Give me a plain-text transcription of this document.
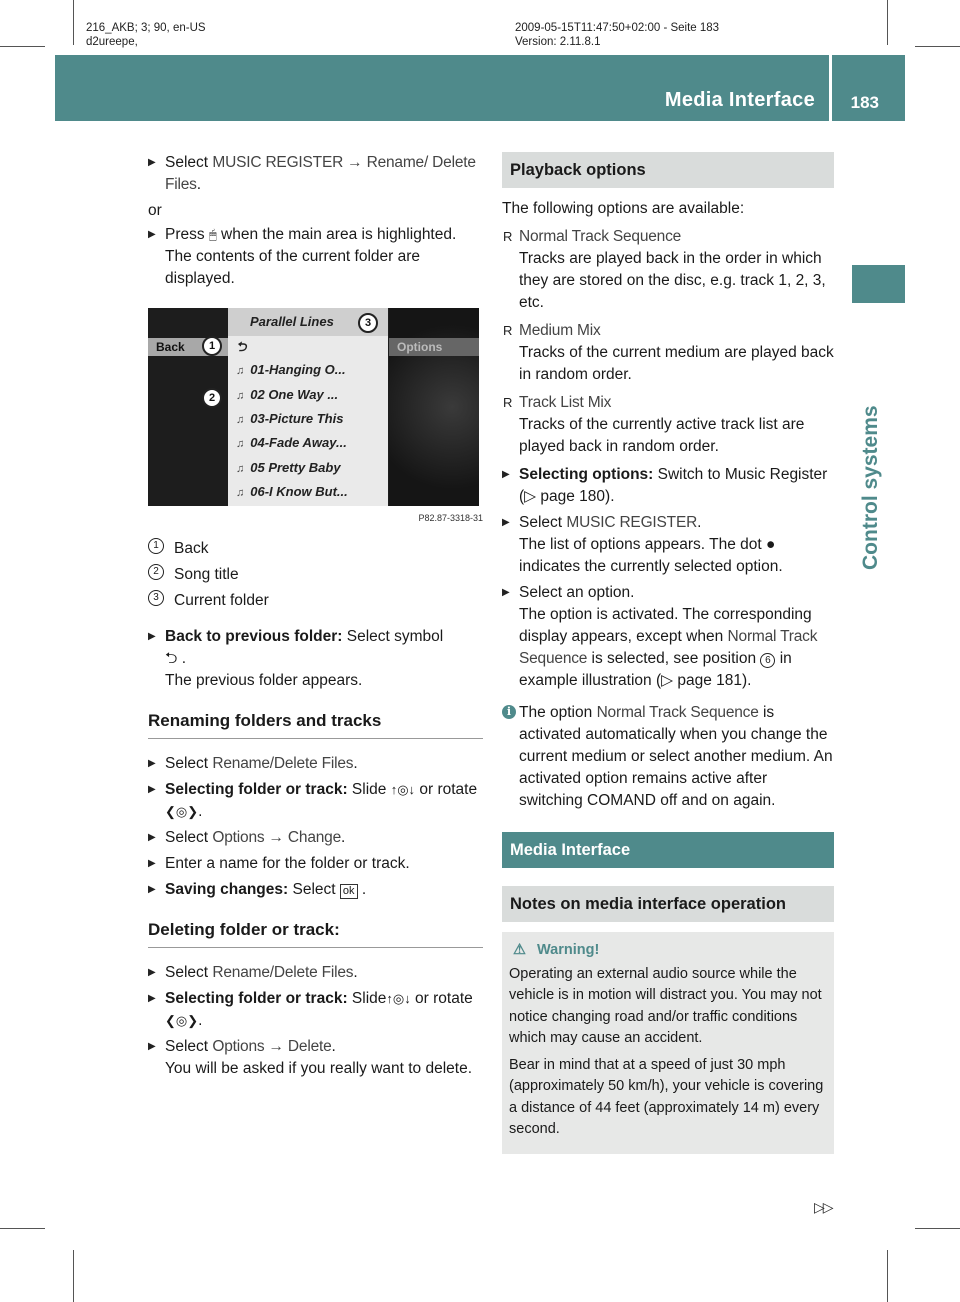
216_AKB; 3; 90, en-US
d2ureepe,
2009-05-15T11:47:50+02:00 - Seite 183
Version: 2.11.8.1
Media Interface 183
Control systems
▶ Select MUSIC REGISTER → Rename/ Delete Files.
or
▶ Press 🖱 when the main area is highlighted.
The contents of the current folder are displayed.
Back
Parallel Lines
⮌
♫ 01-Hanging O...
♫ 02 One Way ...
♫ 03-Picture This
♫ 04-Fade Away...
♫ 05 Pretty Baby
♫ 06-I Know But...
Options
1
2
3
P82.87-3318-31
1 Back
2 Song title
3 Current folder
▶ Back to previous folder: Select symbol
⮌ .
The previous folder appears.
Renaming folders and tracks
▶ Select Rename/Delete Files.
▶ Selecting folder or track: Slide ↑◎↓ or rotate ❮◎❯.
▶ Select Options → Change.
▶ Enter a name for the folder or track.
▶ Saving changes: Select ok .
Deleting folder or track:
▶ Select Rename/Delete Files.
▶ Selecting folder or track: Slide↑◎↓ or rotate ❮◎❯.
▶ Select Options → Delete.
You will be asked if you really want to delete.
Playback options
The following options are available:
R Normal Track Sequence
Tracks are played back in the order in which they are stored on the disc, e.g. track 1, 2, 3, etc.
R Medium Mix
Tracks of the current medium are played back in random order.
R Track List Mix
Tracks of the currently active track list are played back in random order.
▶ Selecting options: Switch to Music Register (▷ page 180).
▶ Select MUSIC REGISTER.
The list of options appears. The dot ● indicates the currently selected option.
▶ Select an option.
The option is activated. The corresponding display appears, except when Normal Track Sequence is selected, see position 6 in example illustration (▷ page 181).
i The option Normal Track Sequence is activated automatically when you change the current medium or select another medium. An activated option remains active after switching COMAND off and on again.
Media Interface
Notes on media interface operation
⚠ Warning!

Operating an external audio source while the vehicle is in motion will distract you. You may not notice changing road and/or traffic conditions which may cause an accident.

Bear in mind that at a speed of just 30 mph (approximately 50 km/h), your vehicle is covering a distance of 44 feet (approximately 14 m) every second.

▷▷
